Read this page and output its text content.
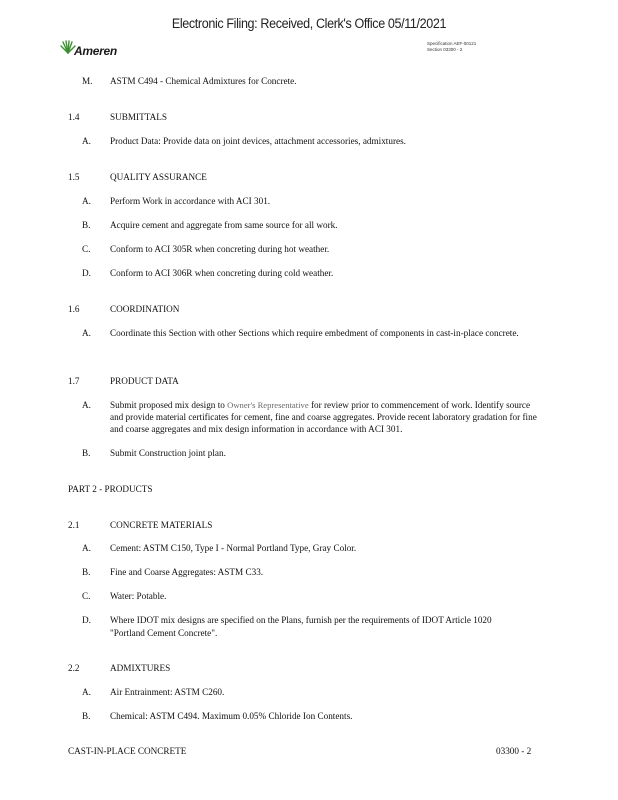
Electronic Filing: Received, Clerk's Office 05/11/2021
Ameren
Specification AEF-00121
Section 03300 - 2
M. ASTM C494 - Chemical Admixtures for Concrete.
1.4	SUBMITTALS
A. Product Data: Provide data on joint devices, attachment accessories, admixtures.
1.5	QUALITY ASSURANCE
A. Perform Work in accordance with ACI 301.
B. Acquire cement and aggregate from same source for all work.
C. Conform to ACI 305R when concreting during hot weather.
D. Conform to ACI 306R when concreting during cold weather.
1.6	COORDINATION
A. Coordinate this Section with other Sections which require embedment of components in cast-in-place concrete.
1.7	PRODUCT DATA
A. Submit proposed mix design to Owner's Representative for review prior to commencement of work. Identify source and provide material certificates for cement, fine and coarse aggregates. Provide recent laboratory gradation for fine and coarse aggregates and mix design information in accordance with ACI 301.
B. Submit Construction joint plan.
PART 2 - PRODUCTS
2.1	CONCRETE MATERIALS
A. Cement: ASTM C150, Type I - Normal Portland Type, Gray Color.
B. Fine and Coarse Aggregates: ASTM C33.
C. Water: Potable.
D. Where IDOT mix designs are specified on the Plans, furnish per the requirements of IDOT Article 1020
"Portland Cement Concrete".
2.2	ADMIXTURES
A. Air Entrainment: ASTM C260.
B. Chemical: ASTM C494. Maximum 0.05% Chloride Ion Contents.
CAST-IN-PLACE CONCRETE	03300 - 2
